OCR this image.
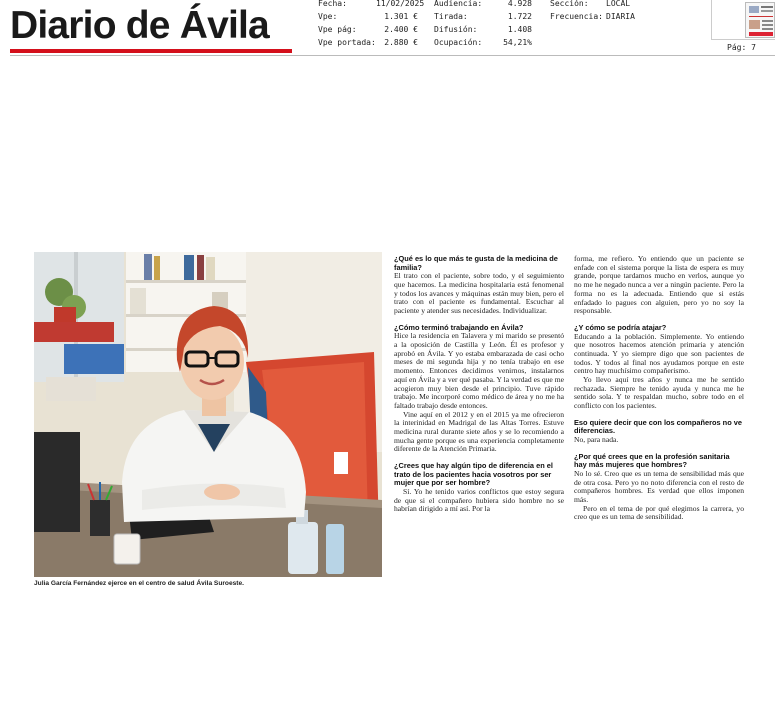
Diario de Ávila
Fecha:	11/02/2025
Vpe:	1.301 €
Vpe pág:	2.400 €
Vpe portada: 2.880 €
Audiencia:	4.928
Tirada:	1.722
Difusión:	1.408
Ocupación:	54,21%
Sección: LOCAL
Frecuencia: DIARIA
Pág: 7
Julia García Fernández ejerce en el centro de salud Ávila Suroeste.

¿Qué es lo que más te gusta de la medicina de familia?

El trato con el paciente, sobre todo, y el seguimiento que hacemos. La medicina hospitalaria está fenomenal y todos los avances y máquinas están muy bien, pero el trato con el paciente es fundamental. Escuchar al paciente y atender sus necesidades. Individualizar.

¿Cómo terminó trabajando en Ávila?

Hice la residencia en Talavera y mi marido se presentó a la oposición de Castilla y León. Él es profesor y aprobó en Ávila. Y yo estaba embarazada de casi ocho meses de mi segunda hija y no tenía trabajo en ese momento. Entonces decidimos venirnos, instalarnos aquí en Ávila y a ver qué pasaba. Y la verdad es que me acogieron muy bien desde el principio. Tuve rápido trabajo. Me incorporé como médico de área y no me ha faltado trabajo desde entonces.

Vine aquí en el 2012 y en el 2015 ya me ofrecieron la interinidad en Madrigal de las Altas Torres. Estuve medicina rural durante siete años y se lo recomiendo a mucha gente porque es una experiencia completamente diferente de la Atención Primaria.

¿Crees que hay algún tipo de diferencia en el trato de los pacientes hacia vosotros por ser mujer que por ser hombre?

Sí. Yo he tenido varios conflictos que estoy segura de que si el compañero hubiera sido hombre no se habrían dirigido a mí así. Por la

forma, me refiero. Yo entiendo que un paciente se enfade con el sistema porque la lista de espera es muy grande, porque tardamos mucho en verlos, aunque yo no me he negado nunca a ver a ningún paciente. Pero la forma no es la adecuada. Entiendo que si estás enfadado lo pagues con alguien, pero yo no soy la responsable.

¿Y cómo se podría atajar?

Educando a la población. Simplemente. Yo entiendo que nosotros hacemos atención primaria y atención continuada. Y yo siempre digo que son pacientes de todos. Y todos al final nos ayudamos porque en este centro hay muchísimo compañerismo.

Yo llevo aquí tres años y nunca me he sentido rechazada. Siempre he tenido ayuda y nunca me he sentido sola. Y te respaldan mucho, sobre todo en el conflicto con los pacientes.

Eso quiere decir que con los compañeros no ve diferencias.

No, para nada.

¿Por qué crees que en la profesión sanitaria hay más mujeres que hombres?

No lo sé. Creo que es un tema de sensibilidad más que de otra cosa. Pero yo no noto diferencia con el resto de compañeros hombres. Es verdad que ellos imponen más.

Pero en el tema de por qué elegimos la carrera, yo creo que es un tema de sensibilidad.
